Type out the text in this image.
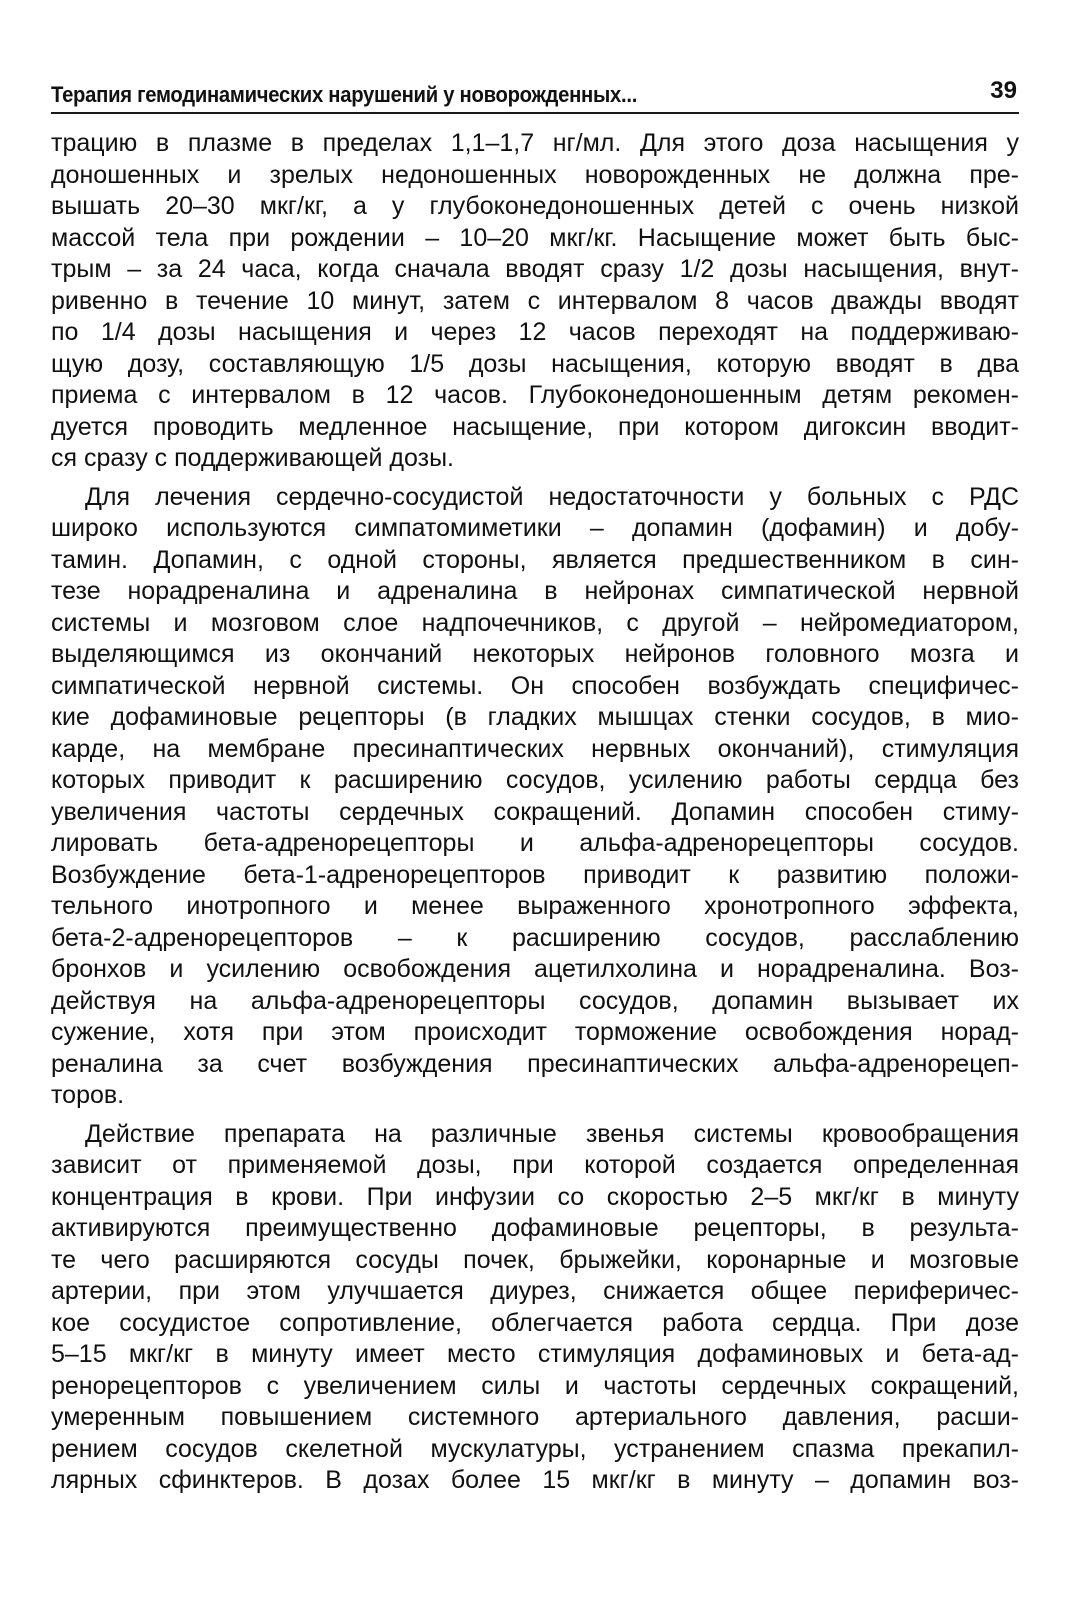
Терапия гемодинамических нарушений у новорожденных...	39
трацию в плазме в пределах 1,1–1,7 нг/мл. Для этого доза насыщения у
доношенных и зрелых недоношенных новорожденных не должна пре-
вышать 20–30 мкг/кг, а у глубоконедоношенных детей с очень низкой
массой тела при рождении – 10–20 мкг/кг. Насыщение может быть быс-
трым – за 24 часа, когда сначала вводят сразу 1/2 дозы насыщения, внут-
ривенно в течение 10 минут, затем с интервалом 8 часов дважды вводят
по 1/4 дозы насыщения и через 12 часов переходят на поддерживаю-
щую дозу, составляющую 1/5 дозы насыщения, которую вводят в два
приема с интервалом в 12 часов. Глубоконедоношенным детям рекомен-
дуется проводить медленное насыщение, при котором дигоксин вводит-
ся сразу с поддерживающей дозы.
Для лечения сердечно-сосудистой недостаточности у больных с РДС
широко используются симпатомиметики – допамин (дофамин) и добу-
тамин. Допамин, с одной стороны, является предшественником в син-
тезе норадреналина и адреналина в нейронах симпатической нервной
системы и мозговом слое надпочечников, с другой – нейромедиатором,
выделяющимся из окончаний некоторых нейронов головного мозга и
симпатической нервной системы. Он способен возбуждать специфичес-
кие дофаминовые рецепторы (в гладких мышцах стенки сосудов, в мио-
карде, на мембране пресинаптических нервных окончаний), стимуляция
которых приводит к расширению сосудов, усилению работы сердца без
увеличения частоты сердечных сокращений. Допамин способен стиму-
лировать бета-адренорецепторы и альфа-адренорецепторы сосудов.
Возбуждение бета-1-адренорецепторов приводит к развитию положи-
тельного инотропного и менее выраженного хронотропного эффекта,
бета-2-адренорецепторов – к расширению сосудов, расслаблению
бронхов и усилению освобождения ацетилхолина и норадреналина. Воз-
действуя на альфа-адренорецепторы сосудов, допамин вызывает их
сужение, хотя при этом происходит торможение освобождения норад-
реналина за счет возбуждения пресинаптических альфа-адренорецеп-
торов.
Действие препарата на различные звенья системы кровообращения
зависит от применяемой дозы, при которой создается определенная
концентрация в крови. При инфузии со скоростью 2–5 мкг/кг в минуту
активируются преимущественно дофаминовые рецепторы, в результа-
те чего расширяются сосуды почек, брыжейки, коронарные и мозговые
артерии, при этом улучшается диурез, снижается общее периферичес-
кое сосудистое сопротивление, облегчается работа сердца. При дозе
5–15 мкг/кг в минуту имеет место стимуляция дофаминовых и бета-ад-
ренорецепторов с увеличением силы и частоты сердечных сокращений,
умеренным повышением системного артериального давления, расши-
рением сосудов скелетной мускулатуры, устранением спазма прекапил-
лярных сфинктеров. В дозах более 15 мкг/кг в минуту – допамин воз-
